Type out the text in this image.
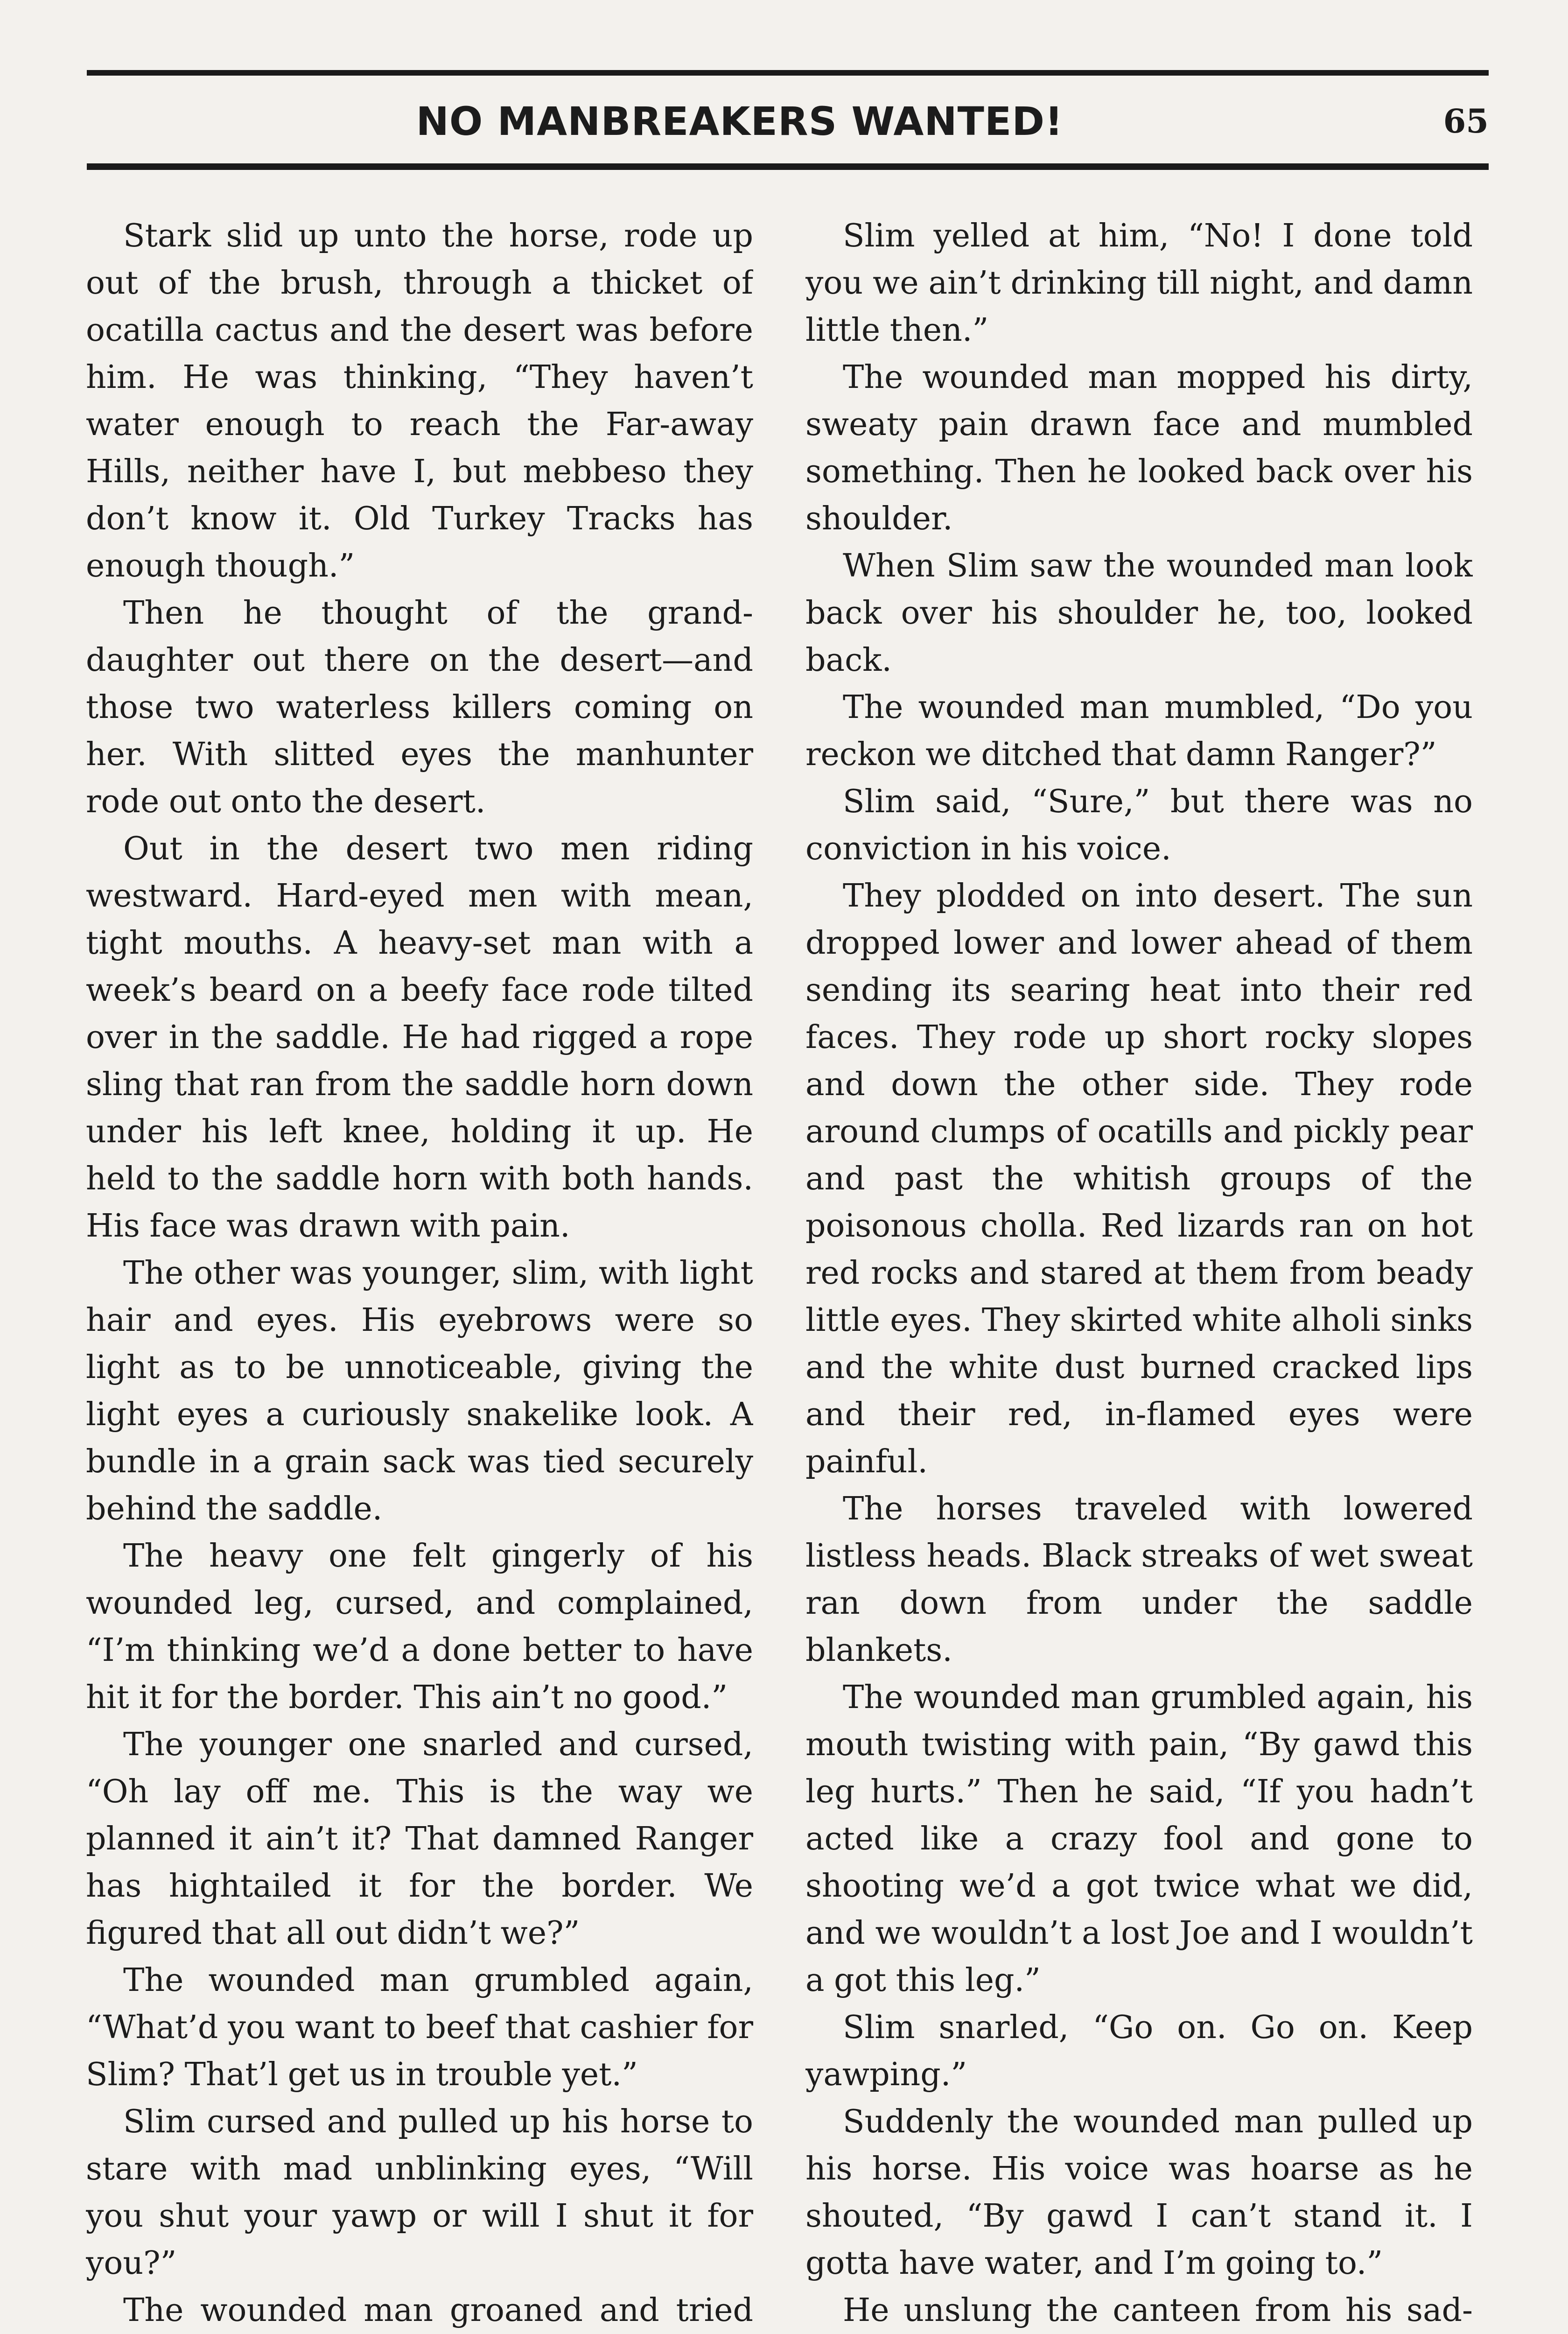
NO MANBREAKERS WANTED!	65

Stark slid up unto the horse, rode up out of the brush, through a thicket of ocatilla cactus and the desert was before him. He was thinking, “They haven’t water enough to reach the Far-away Hills, neither have I, but mebbeso they don’t know it. Old Turkey Tracks has enough though.”

Then he thought of the grand-daughter out there on the desert—and those two waterless killers coming on her. With slitted eyes the manhunter rode out onto the desert.

Out in the desert two men riding westward. Hard-eyed men with mean, tight mouths. A heavy-set man with a week’s beard on a beefy face rode tilted over in the saddle. He had rigged a rope sling that ran from the saddle horn down under his left knee, holding it up. He held to the saddle horn with both hands. His face was drawn with pain.

The other was younger, slim, with light hair and eyes. His eyebrows were so light as to be unnoticeable, giving the light eyes a curiously snakelike look. A bundle in a grain sack was tied securely behind the saddle.

The heavy one felt gingerly of his wounded leg, cursed, and complained, “I’m thinking we’d a done better to have hit it for the border. This ain’t no good.”

The younger one snarled and cursed, “Oh lay off me. This is the way we planned it ain’t it? That damned Ranger has hightailed it for the border. We figured that all out didn’t we?”

The wounded man grumbled again, “What’d you want to beef that cashier for Slim? That’l get us in trouble yet.”

Slim cursed and pulled up his horse to stare with mad unblinking eyes, “Will you shut your yawp or will I shut it for you?”

The wounded man groaned and tried

Slim yelled at him, “No! I done told you we ain’t drinking till night, and damn little then.”

The wounded man mopped his dirty, sweaty pain drawn face and mumbled something. Then he looked back over his shoulder.

When Slim saw the wounded man look back over his shoulder he, too, looked back.

The wounded man mumbled, “Do you reckon we ditched that damn Ranger?”

Slim said, “Sure,” but there was no conviction in his voice.

They plodded on into desert. The sun dropped lower and lower ahead of them sending its searing heat into their red faces. They rode up short rocky slopes and down the other side. They rode around clumps of ocatills and pickly pear and past the whitish groups of the poisonous cholla. Red lizards ran on hot red rocks and stared at them from beady little eyes. They skirted white alholi sinks and the white dust burned cracked lips and their red, in-flamed eyes were painful.

The horses traveled with lowered listless heads. Black streaks of wet sweat ran down from under the saddle blankets.

The wounded man grumbled again, his mouth twisting with pain, “By gawd this leg hurts.” Then he said, “If you hadn’t acted like a crazy fool and gone to shooting we’d a got twice what we did, and we wouldn’t a lost Joe and I wouldn’t a got this leg.”

Slim snarled, “Go on. Go on. Keep yawping.”

Suddenly the wounded man pulled up his horse. His voice was hoarse as he shouted, “By gawd I can’t stand it. I gotta have water, and I’m going to.”

He unslung the canteen from his sad-
